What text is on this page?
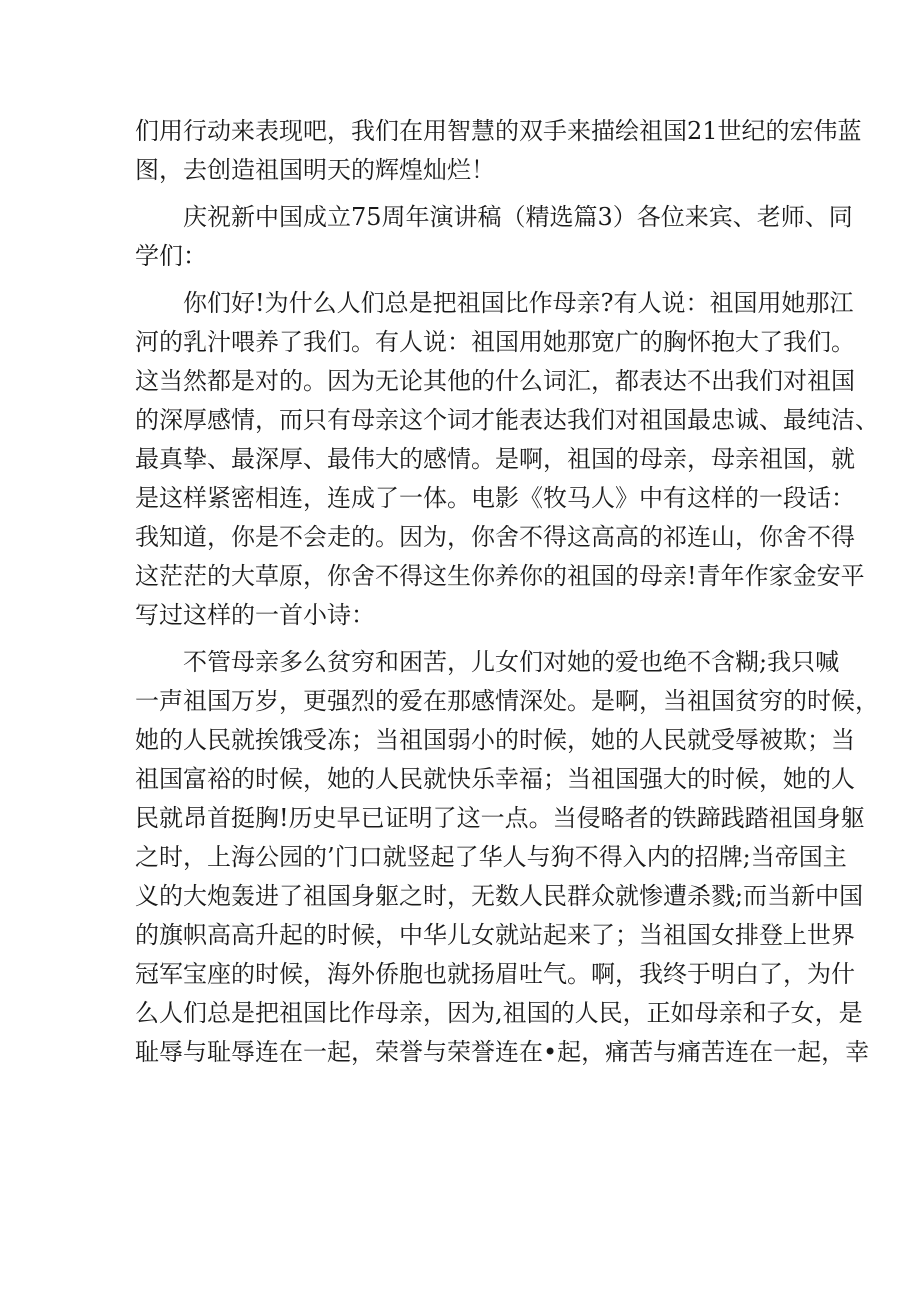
们用行动来表现吧，我们在用智慧的双手来描绘祖国21世纪的宏伟蓝
图，去创造祖国明天的辉煌灿烂！
庆祝新中国成立75周年演讲稿（精选篇3）各位来宾、老师、同
学们：
你们好!为什么人们总是把祖国比作母亲?有人说：祖国用她那江
河的乳汁喂养了我们。有人说：祖国用她那宽广的胸怀抱大了我们。
这当然都是对的。因为无论其他的什么词汇，都表达不出我们对祖国
的深厚感情，而只有母亲这个词才能表达我们对祖国最忠诚、最纯洁、
最真挚、最深厚、最伟大的感情。是啊，祖国的母亲，母亲祖国，就
是这样紧密相连，连成了一体。电影《牧马人》中有这样的一段话：
我知道，你是不会走的。因为，你舍不得这高高的祁连山，你舍不得
这茫茫的大草原，你舍不得这生你养你的祖国的母亲!青年作家金安平
写过这样的一首小诗：
不管母亲多么贫穷和困苦，儿女们对她的爱也绝不含糊;我只喊
一声祖国万岁，更强烈的爱在那感情深处。是啊，当祖国贫穷的时候，
她的人民就挨饿受冻；当祖国弱小的时候，她的人民就受辱被欺；当
祖国富裕的时候，她的人民就快乐幸福；当祖国强大的时候，她的人
民就昂首挺胸!历史早已证明了这一点。当侵略者的铁蹄践踏祖国身躯
之时，上海公园的’门口就竖起了华人与狗不得入内的招牌;当帝国主
义的大炮轰进了祖国身躯之时，无数人民群众就惨遭杀戮;而当新中国
的旗帜高高升起的时候，中华儿女就站起来了；当祖国女排登上世界
冠军宝座的时候，海外侨胞也就扬眉吐气。啊，我终于明白了，为什
么人们总是把祖国比作母亲，因为,祖国的人民，正如母亲和子女，是
耻辱与耻辱连在一起，荣誉与荣誉连在•起，痛苦与痛苦连在一起，幸
